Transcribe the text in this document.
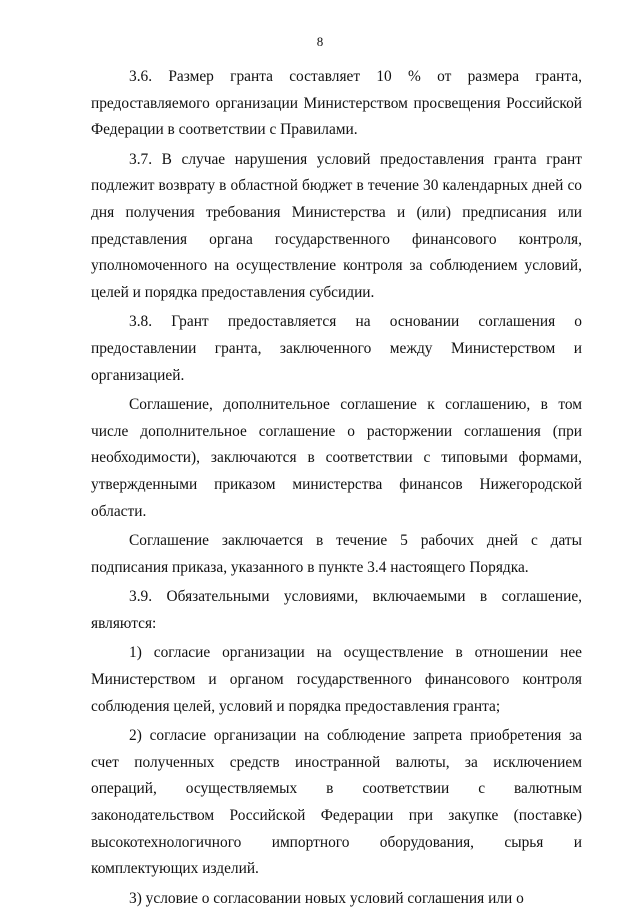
8

3.6. Размер гранта составляет 10 % от размера гранта, предоставляемого организации Министерством просвещения Российской Федерации в соответствии с Правилами.

3.7. В случае нарушения условий предоставления гранта грант подлежит возврату в областной бюджет в течение 30 календарных дней со дня получения требования Министерства и (или) предписания или представления органа государственного финансового контроля, уполномоченного на осуществление контроля за соблюдением условий, целей и порядка предоставления субсидии.

3.8. Грант предоставляется на основании соглашения о предоставлении гранта, заключенного между Министерством и организацией.

Соглашение, дополнительное соглашение к соглашению, в том числе дополнительное соглашение о расторжении соглашения (при необходимости), заключаются в соответствии с типовыми формами, утвержденными приказом министерства финансов Нижегородской области.

Соглашение заключается в течение 5 рабочих дней с даты подписания приказа, указанного в пункте 3.4 настоящего Порядка.

3.9. Обязательными условиями, включаемыми в соглашение, являются:

1) согласие организации на осуществление в отношении нее Министерством и органом государственного финансового контроля соблюдения целей, условий и порядка предоставления гранта;

2) согласие организации на соблюдение запрета приобретения за счет полученных средств иностранной валюты, за исключением операций, осуществляемых в соответствии с валютным законодательством Российской Федерации при закупке (поставке) высокотехнологичного импортного оборудования, сырья и комплектующих изделий.

3) условие о согласовании новых условий соглашения или о
